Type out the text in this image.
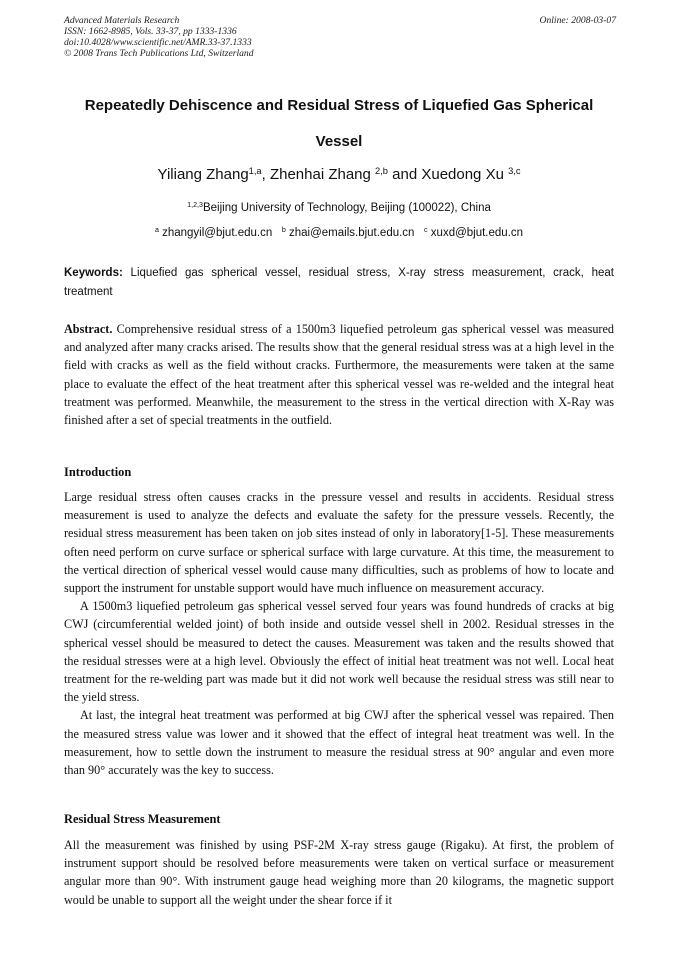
Advanced Materials Research
ISSN: 1662-8985, Vols. 33-37, pp 1333-1336
doi:10.4028/www.scientific.net/AMR.33-37.1333
© 2008 Trans Tech Publications Ltd, Switzerland
Online: 2008-03-07
Repeatedly Dehiscence and Residual Stress of Liquefied Gas Spherical
Vessel
Yiliang Zhang$^{1,a}$, Zhenhai Zhang $^{2,b}$ and Xuedong Xu $^{3,c}$
$^{1,2,3}$Beijing University of Technology, Beijing (100022), China
$^a$ zhangyil@bjut.edu.cn $^b$ zhai@emails.bjut.edu.cn $^c$ xuxd@bjut.edu.cn
Keywords: Liquefied gas spherical vessel, residual stress, X-ray stress measurement, crack, heat treatment

Abstract. Comprehensive residual stress of a 1500m3 liquefied petroleum gas spherical vessel was measured and analyzed after many cracks arised. The results show that the general residual stress was at a high level in the field with cracks as well as the field without cracks. Furthermore, the measurements were taken at the same place to evaluate the effect of the heat treatment after this spherical vessel was re-welded and the integral heat treatment was performed. Meanwhile, the measurement to the stress in the vertical direction with X-Ray was finished after a set of special treatments in the outfield.

Introduction

Large residual stress often causes cracks in the pressure vessel and results in accidents. Residual stress measurement is used to analyze the defects and evaluate the safety for the pressure vessels. Recently, the residual stress measurement has been taken on job sites instead of only in laboratory[1-5]. These measurements often need perform on curve surface or spherical surface with large curvature. At this time, the measurement to the vertical direction of spherical vessel would cause many difficulties, such as problems of how to locate and support the instrument for unstable support would have much influence on measurement accuracy.

A 1500m3 liquefied petroleum gas spherical vessel served four years was found hundreds of cracks at big CWJ (circumferential welded joint) of both inside and outside vessel shell in 2002. Residual stresses in the spherical vessel should be measured to detect the causes. Measurement was taken and the results showed that the residual stresses were at a high level. Obviously the effect of initial heat treatment was not well. Local heat treatment for the re-welding part was made but it did not work well because the residual stress was still near to the yield stress.

At last, the integral heat treatment was performed at big CWJ after the spherical vessel was repaired. Then the measured stress value was lower and it showed that the effect of integral heat treatment was well. In the measurement, how to settle down the instrument to measure the residual stress at 90° angular and even more than 90° accurately was the key to success.

Residual Stress Measurement

All the measurement was finished by using PSF-2M X-ray stress gauge (Rigaku). At first, the problem of instrument support should be resolved before measurements were taken on vertical surface or measurement angular more than 90°. With instrument gauge head weighing more than 20 kilograms, the magnetic support would be unable to support all the weight under the shear force if it
